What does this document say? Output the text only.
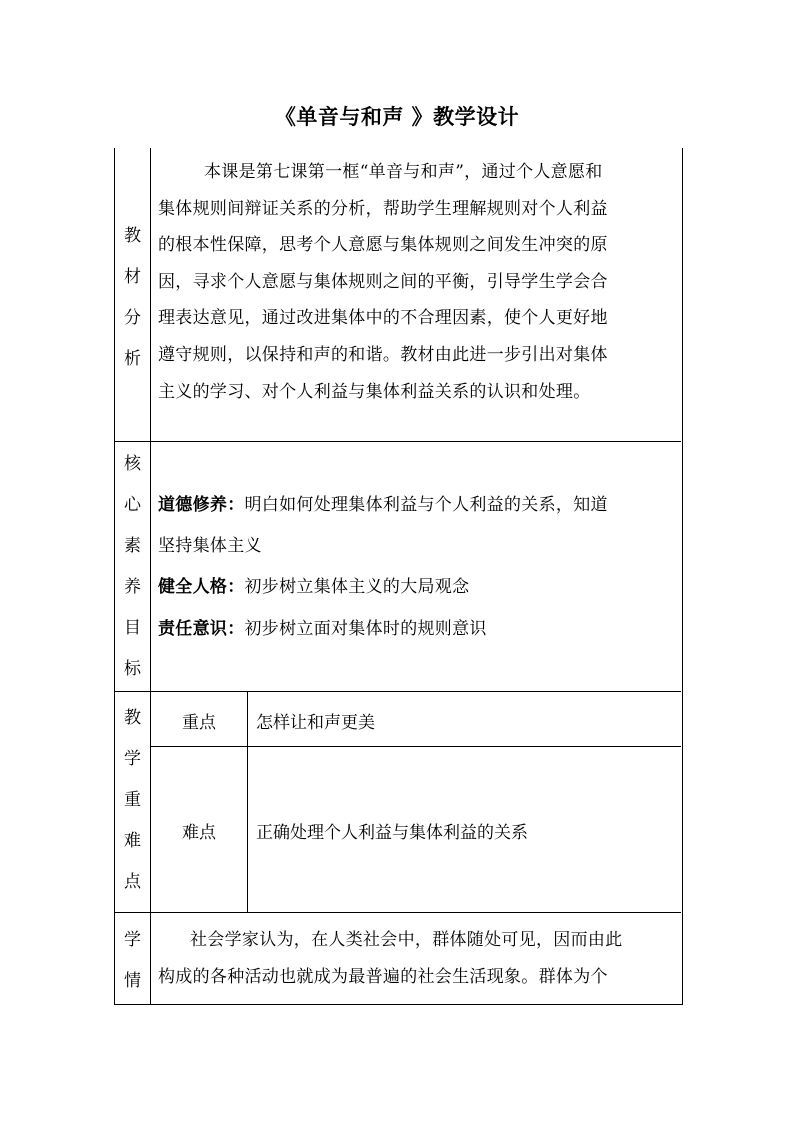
《单音与和声 》教学设计
教
材
分
析
本课是第七课第一框“单音与和声”，通过个人意愿和
集体规则间辩证关系的分析，帮助学生理解规则对个人利益
的根本性保障，思考个人意愿与集体规则之间发生冲突的原
因，寻求个人意愿与集体规则之间的平衡，引导学生学会合
理表达意见，通过改进集体中的不合理因素，使个人更好地
遵守规则，以保持和声的和谐。教材由此进一步引出对集体
主义的学习、对个人利益与集体利益关系的认识和处理。
核
心
素
养
目
标
道德修养：明白如何处理集体利益与个人利益的关系，知道
坚持集体主义
健全人格：初步树立集体主义的大局观念
责任意识：初步树立面对集体时的规则意识
教
学
重
难
点
重点	怎样让和声更美
难点	正确处理个人利益与集体利益的关系
学
情
社会学家认为，在人类社会中，群体随处可见，因而由此
构成的各种活动也就成为最普遍的社会生活现象。群体为个
